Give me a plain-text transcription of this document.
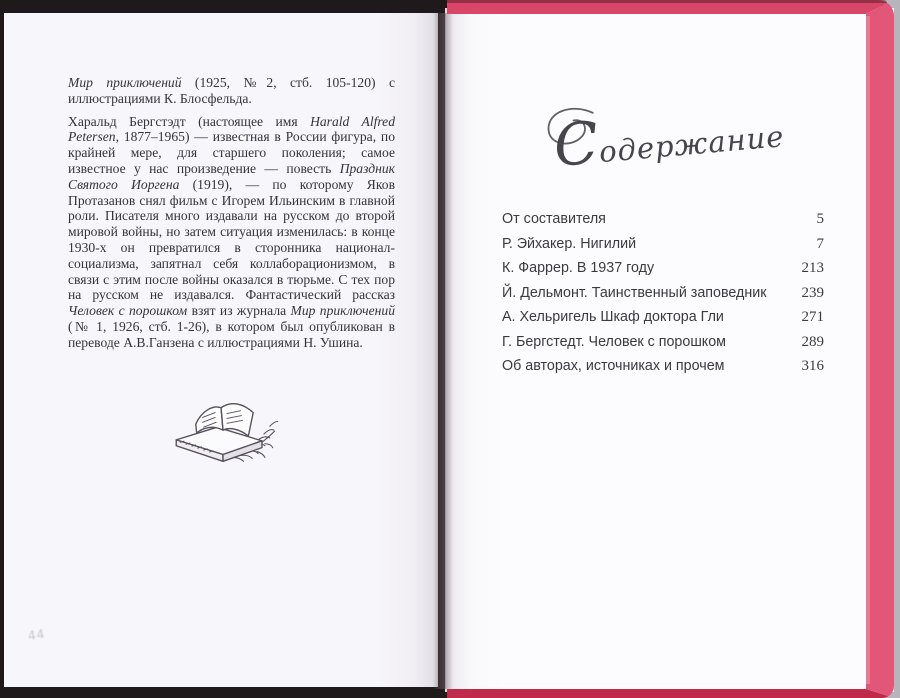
Мир приключений (1925, №2, стб. 105-120) с иллюстрациями К. Блосфельда.

Харальд Бергстэдт (настоящее имя Harald Alfred Petersen, 1877–1965) — известная в России фигура, по крайней мере, для старшего поколения; самое известное у нас произведение — повесть Праздник Святого Иоргена (1919), — по которому Яков Протазанов снял фильм с Игорем Ильинским в главной роли. Писателя много издавали на русском до второй мировой войны, но затем ситуация изменилась: в конце 1930-х он превратился в сторонника национал-социализма, запятнал себя коллаборационизмом, в связи с этим после войны оказался в тюрьме. С тех пор на русском не издавался. Фантастический рассказ Человек с порошком взят из журнала Мир приключений (№ 1, 1926, стб. 1-26), в котором был опубликован в переводе А.В.Ганзена с иллюстрациями Н. Ушина.

44
Содержание
От составителя	5
Р. Эйхакер. Нигилий	7
К. Фаррер. В 1937 году	213
Й. Дельмонт. Таинственный заповедник	239
А. Хельригель Шкаф доктора Гли	271
Г. Бергстедт. Человек с порошком	289
Об авторах, источниках и прочем	316
